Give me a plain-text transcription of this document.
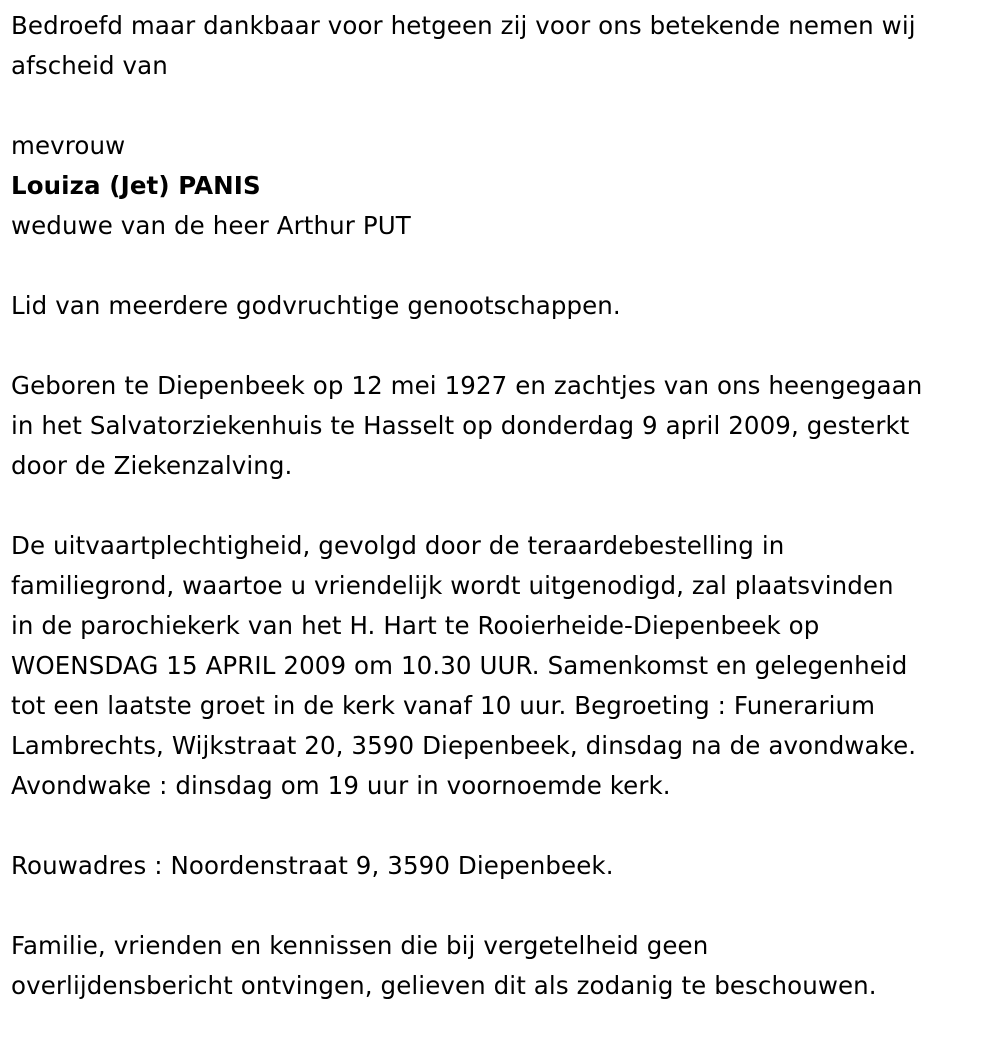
Bedroefd maar dankbaar voor hetgeen zij voor ons betekende nemen wij
afscheid van

mevrouw

Louiza (Jet) PANIS

weduwe van de heer Arthur PUT

Lid van meerdere godvruchtige genootschappen.

Geboren te Diepenbeek op 12 mei 1927 en zachtjes van ons heengegaan
in het Salvatorziekenhuis te Hasselt op donderdag 9 april 2009, gesterkt
door de Ziekenzalving.

De uitvaartplechtigheid, gevolgd door de teraardebestelling in
familiegrond, waartoe u vriendelijk wordt uitgenodigd, zal plaatsvinden
in de parochiekerk van het H. Hart te Rooierheide-Diepenbeek op
WOENSDAG 15 APRIL 2009 om 10.30 UUR. Samenkomst en gelegenheid
tot een laatste groet in de kerk vanaf 10 uur. Begroeting : Funerarium
Lambrechts, Wijkstraat 20, 3590 Diepenbeek, dinsdag na de avondwake.
Avondwake : dinsdag om 19 uur in voornoemde kerk.

Rouwadres : Noordenstraat 9, 3590 Diepenbeek.

Familie, vrienden en kennissen die bij vergetelheid geen
overlijdensbericht ontvingen, gelieven dit als zodanig te beschouwen.
